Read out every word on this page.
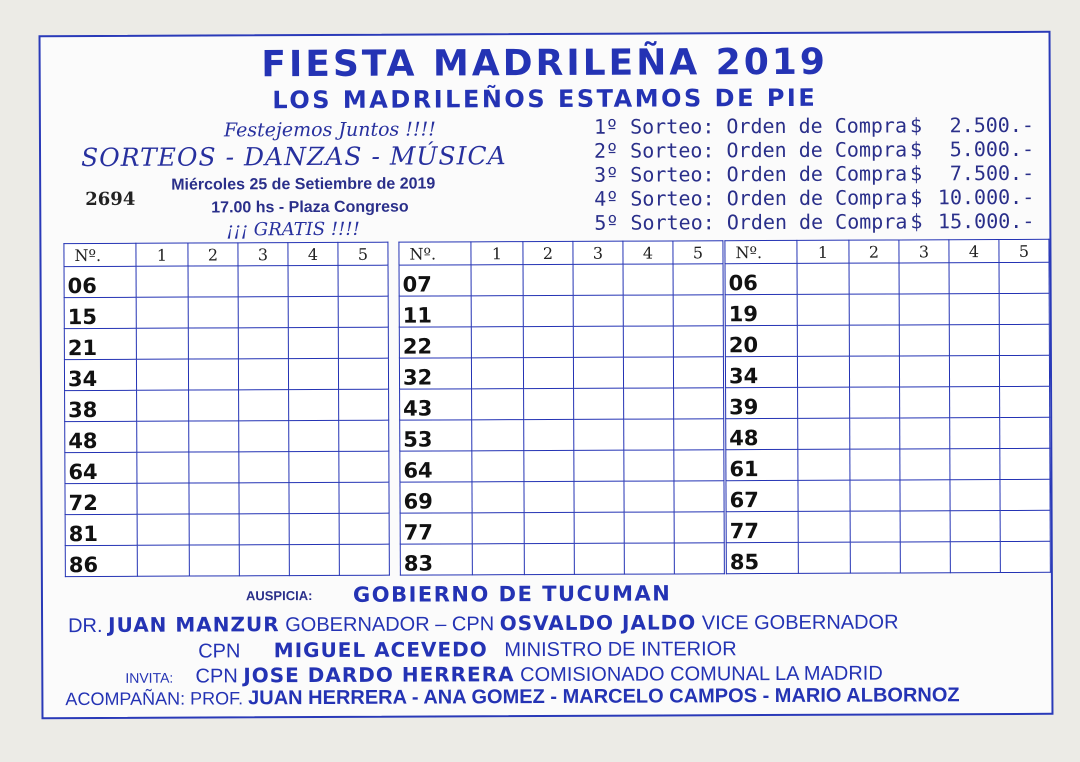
FIESTA MADRILEÑA 2019
LOS MADRILEÑOS ESTAMOS DE PIE
Festejemos Juntos !!!!
SORTEOS - DANZAS - MÚSICA
2694
Miércoles 25 de Setiembre de 2019
17.00 hs - Plaza Congreso
¡¡¡ GRATIS !!!!
1º Sorteo: Orden de Compra $	2.500.-
2º Sorteo: Orden de Compra $	5.000.-
3º Sorteo: Orden de Compra $	7.500.-
4º Sorteo: Orden de Compra $ 10.000.-
5º Sorteo: Orden de Compra $ 15.000.-
Nº.	1	2	3	4	5
06					
15					
21					
34					
38					
48					
64					
72					
81					
86					
Nº.	1	2	3	4	5
07					
11					
22					
32					
43					
53					
64					
69					
77					
83					
Nº.	1	2	3	4	5
06					
19					
20					
34					
39					
48					
61					
67					
77					
85					
AUSPICIA: GOBIERNO DE TUCUMAN
DR. JUAN MANZUR GOBERNADOR – CPN OSVALDO JALDO VICE GOBERNADOR
CPN MIGUEL ACEVEDO MINISTRO DE INTERIOR
INVITA: CPN JOSE DARDO HERRERA COMISIONADO COMUNAL LA MADRID
ACOMPAÑAN: PROF. JUAN HERRERA - ANA GOMEZ - MARCELO CAMPOS - MARIO ALBORNOZ
